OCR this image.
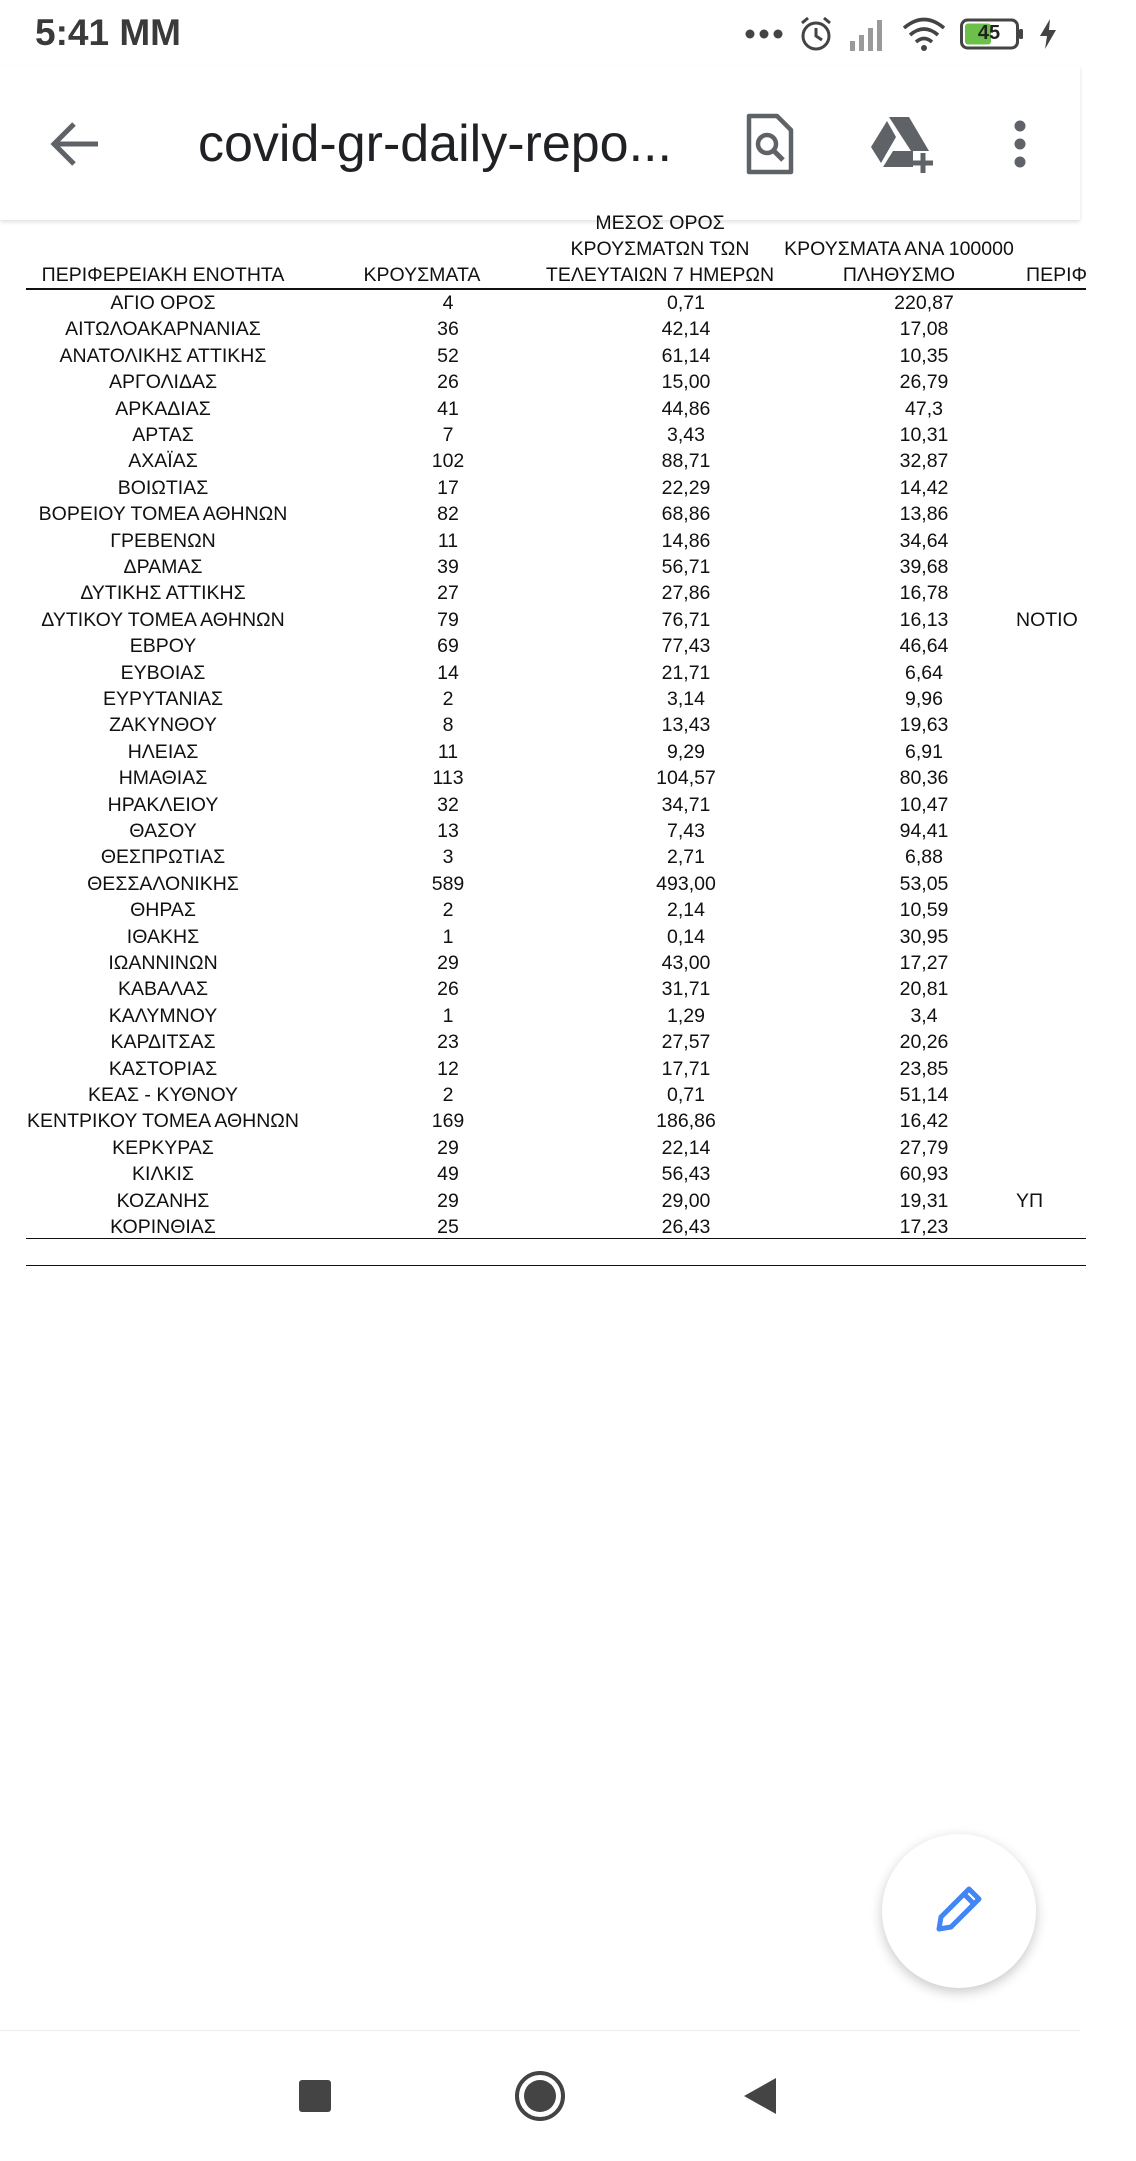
5:41 ΜΜ	45
covid-gr-daily-repo...
ΠΕΡΙΦΕΡΕΙΑΚΗ ΕΝΟΤΗΤΑ	ΚΡΟΥΣΜΑΤΑ
ΜΕΣΟΣ ΟΡΟΣ
ΚΡΟΥΣΜΑΤΩΝ ΤΩΝ
ΤΕΛΕΥΤΑΙΩΝ 7 ΗΜΕΡΩΝ
ΚΡΟΥΣΜΑΤΑ ΑΝΑ 100000
ΠΛΗΘΥΣΜΟ	ΠΕΡΙΦ
ΑΓΙΟ ΟΡΟΣ	4	0,71	220,87
ΑΙΤΩΛΟΑΚΑΡΝΑΝΙΑΣ	36	42,14	17,08
ΑΝΑΤΟΛΙΚΗΣ ΑΤΤΙΚΗΣ	52	61,14	10,35
ΑΡΓΟΛΙΔΑΣ	26	15,00	26,79
ΑΡΚΑΔΙΑΣ	41	44,86	47,3
ΑΡΤΑΣ	7	3,43	10,31
ΑΧΑΪΑΣ	102	88,71	32,87
ΒΟΙΩΤΙΑΣ	17	22,29	14,42
ΒΟΡΕΙΟΥ ΤΟΜΕΑ ΑΘΗΝΩΝ	82	68,86	13,86
ΓΡΕΒΕΝΩΝ	11	14,86	34,64
ΔΡΑΜΑΣ	39	56,71	39,68
ΔΥΤΙΚΗΣ ΑΤΤΙΚΗΣ	27	27,86	16,78
ΔΥΤΙΚΟΥ ΤΟΜΕΑ ΑΘΗΝΩΝ	79	76,71	16,13	ΝΟΤΙΟ
ΕΒΡΟΥ	69	77,43	46,64
ΕΥΒΟΙΑΣ	14	21,71	6,64
ΕΥΡΥΤΑΝΙΑΣ	2	3,14	9,96
ΖΑΚΥΝΘΟΥ	8	13,43	19,63
ΗΛΕΙΑΣ	11	9,29	6,91
ΗΜΑΘΙΑΣ	113	104,57	80,36
ΗΡΑΚΛΕΙΟΥ	32	34,71	10,47
ΘΑΣΟΥ	13	7,43	94,41
ΘΕΣΠΡΩΤΙΑΣ	3	2,71	6,88
ΘΕΣΣΑΛΟΝΙΚΗΣ	589	493,00	53,05
ΘΗΡΑΣ	2	2,14	10,59
ΙΘΑΚΗΣ	1	0,14	30,95
ΙΩΑΝΝΙΝΩΝ	29	43,00	17,27
ΚΑΒΑΛΑΣ	26	31,71	20,81
ΚΑΛΥΜΝΟΥ	1	1,29	3,4
ΚΑΡΔΙΤΣΑΣ	23	27,57	20,26
ΚΑΣΤΟΡΙΑΣ	12	17,71	23,85
ΚΕΑΣ - ΚΥΘΝΟΥ	2	0,71	51,14
ΚΕΝΤΡΙΚΟΥ ΤΟΜΕΑ ΑΘΗΝΩΝ	169	186,86	16,42
ΚΕΡΚΥΡΑΣ	29	22,14	27,79
ΚΙΛΚΙΣ	49	56,43	60,93
ΚΟΖΑΝΗΣ	29	29,00	19,31	ΥΠ
ΚΟΡΙΝΘΙΑΣ	25	26,43	17,23
